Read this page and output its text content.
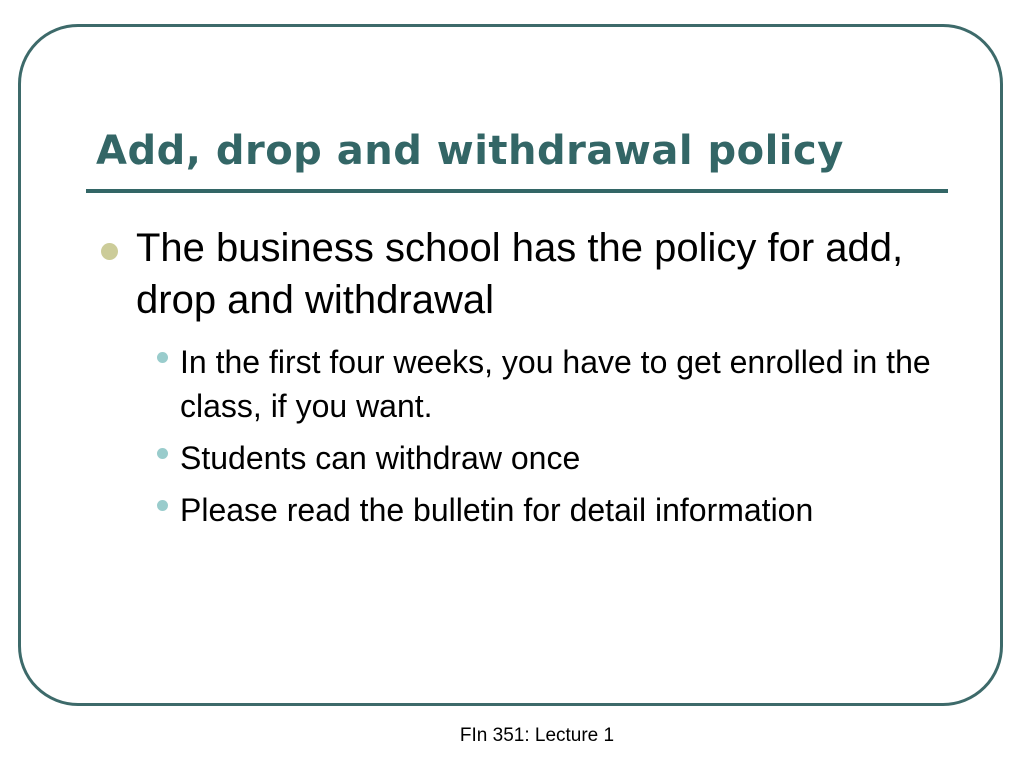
Add, drop and withdrawal policy
The business school has the policy for add, drop and withdrawal
In the first four weeks, you have to get enrolled in the class, if you want.
Students can withdraw once
Please read the bulletin for detail information
FIn 351: Lecture 1
